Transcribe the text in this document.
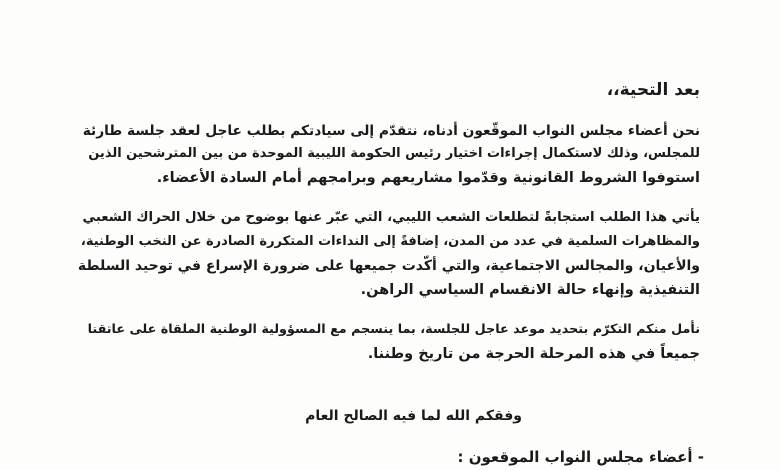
بعد التحية،،
نحن أعضاء مجلس النواب الموقّعون أدناه، نتقدّم إلى سيادتكم بطلب عاجل لعقد جلسة طارئة
للمجلس، وذلك لاستكمال إجراءات اختيار رئيس الحكومة الليبية الموحدة من بين المترشحين الذين
استوفوا الشروط القانونية وقدّموا مشاريعهم وبرامجهم أمام السادة الأعضاء.
يأتي هذا الطلب استجابةً لتطلعات الشعب الليبي، التي عبّر عنها بوضوح من خلال الحراك الشعبي
والمظاهرات السلمية في عدد من المدن، إضافةً إلى النداءات المتكررة الصادرة عن النخب الوطنية،
والأعيان، والمجالس الاجتماعية، والتي أكّدت جميعها على ضرورة الإسراع في توحيد السلطة
التنفيذية وإنهاء حالة الانقسام السياسي الراهن.
نأمل منكم التكرّم بتحديد موعد عاجل للجلسة، بما ينسجم مع المسؤولية الوطنية الملقاة على عاتقنا
جميعاً في هذه المرحلة الحرجة من تاريخ وطننا.
وفقكم الله لما فيه الصالح العام
- أعضاء مجلس النواب الموقعون :
